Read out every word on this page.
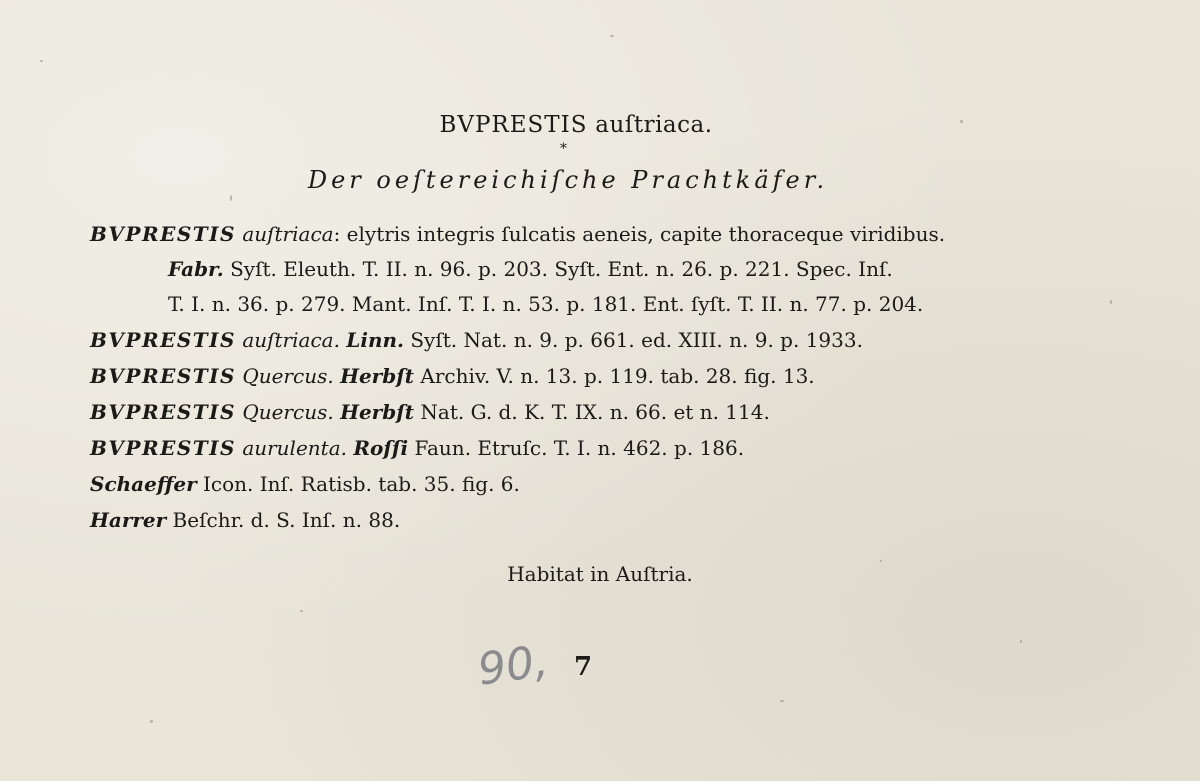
BVPRESTIS auſtriaca.
*
Der oeſtereichiſche Prachtkäfer.
BVPRESTIS auſtriaca: elytris integris ſulcatis aeneis, capite thoraceque viridibus.
Fabr. Syſt. Eleuth. T. II. n. 96. p. 203. Syſt. Ent. n. 26. p. 221. Spec. Inſ.
T. I. n. 36. p. 279. Mant. Inſ. T. I. n. 53. p. 181. Ent. ſyſt. T. II. n. 77. p. 204.
BVPRESTIS auſtriaca. Linn. Syſt. Nat. n. 9. p. 661. ed. XIII. n. 9. p. 1933.
BVPRESTIS Quercus. Herbſt Archiv. V. n. 13. p. 119. tab. 28. fig. 13.
BVPRESTIS Quercus. Herbſt Nat. G. d. K. T. IX. n. 66. et n. 114.
BVPRESTIS aurulenta. Roſſi Faun. Etruſc. T. I. n. 462. p. 186.
Schaeffer Icon. Inſ. Ratisb. tab. 35. fig. 6.
Harrer Beſchr. d. S. Inſ. n. 88.
Habitat in Auſtria.
90, 7
